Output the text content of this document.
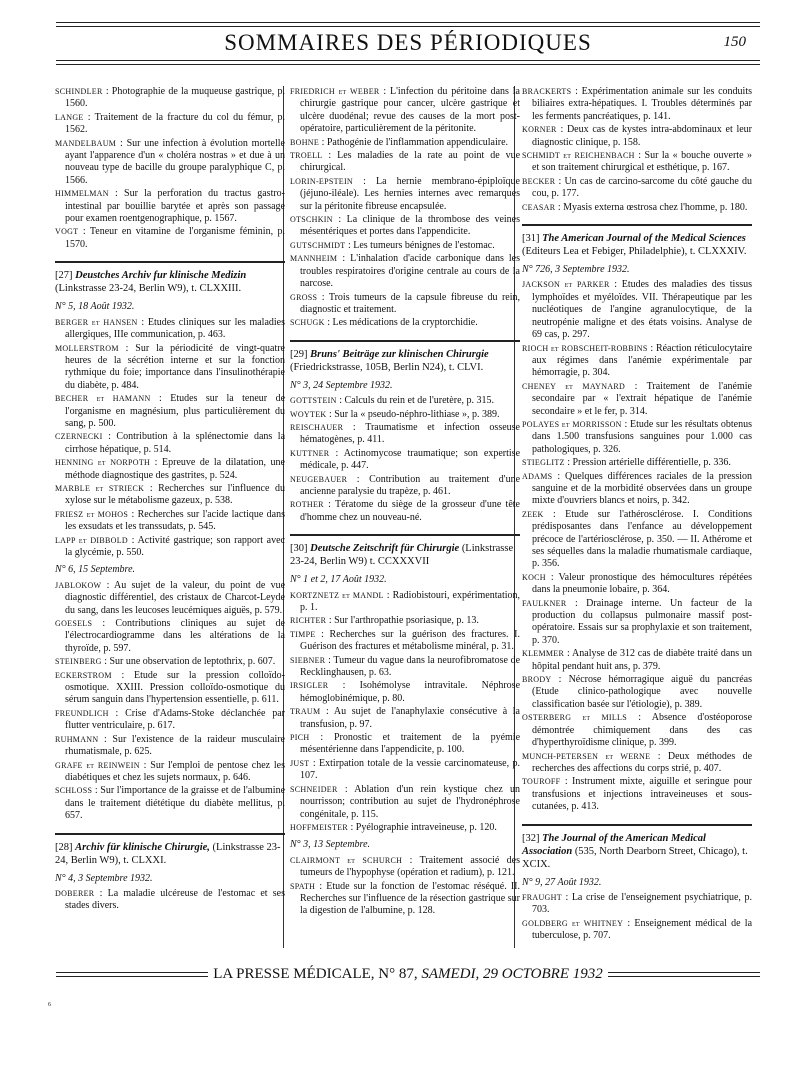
SOMMAIRES DES PÉRIODIQUES	150

SCHINDLER : Photographie de la muqueuse gastrique, p. 1560.

LANGE : Traitement de la fracture du col du fémur, p. 1562.

MANDELBAUM : Sur une infection à évolution mortelle ayant l'apparence d'un « choléra nostras » et due à un nouveau type de bacille du groupe paralyphique C, p. 1566.

HIMMELMAN : Sur la perforation du tractus gastro-intestinal par bouillie barytée et après son passage pour examen roentgenographique, p. 1567.

VOGT : Teneur en vitamine de l'organisme féminin, p. 1570.

[27] Deustches Archiv fur klinische Medizin (Linkstrasse 23-24, Berlin W9), t. CLXXIII.
N° 5, 18 Août 1932.

BERGER et HANSEN : Etudes cliniques sur les maladies allergiques, IIIe communication, p. 463.

MOLLERSTROM : Sur la périodicité de vingt-quatre heures de la sécrétion interne et sur la fonction rythmique du foie; importance dans l'insulinothérapie du diabète, p. 484.

BECHER et HAMANN : Etudes sur la teneur de l'organisme en magnésium, plus particulièrement du sang, p. 500.

CZERNECKI : Contribution à la splénectomie dans la cirrhose hépatique, p. 514.

HENNING et NORPOTH : Epreuve de la dilatation, une méthode diagnostique des gastrites, p. 524.

MARBLE et STRIECK : Recherches sur l'influence du xylose sur le métabolisme gazeux, p. 538.

FRIESZ et MOHOS : Recherches sur l'acide lactique dans les exsudats et les transsudats, p. 545.

LAPP et DIBBOLD : Activité gastrique; son rapport avec la glycémie, p. 550.

N° 6, 15 Septembre.

JABLOKOW : Au sujet de la valeur, du point de vue diagnostic différentiel, des cristaux de Charcot-Leyde du sang, dans les leucoses leucémiques aiguës, p. 579.

GOESELS : Contributions cliniques au sujet de l'électrocardiogramme dans les altérations de la thyroïde, p. 597.

STEINBERG : Sur une observation de leptothrix, p. 607.

ECKERSTROM : Etude sur la pression colloïdo-osmotique. XXIII. Pression colloïdo-osmotique du sérum sanguin dans l'hypertension essentielle, p. 611.

FREUNDLICH : Crise d'Adams-Stoke déclanchée par flutter ventriculaire, p. 617.

RUHMANN : Sur l'existence de la raideur musculaire rhumatismale, p. 625.

GRAFE et REINWEIN : Sur l'emploi de pentose chez les diabétiques et chez les sujets normaux, p. 646.

SCHLOSS : Sur l'importance de la graisse et de l'albumine dans le traitement diététique du diabète mellitus, p. 657.

[28] Archiv für klinische Chirurgie, (Linkstrasse 23-24, Berlin W9), t. CLXXI.
N° 4, 3 Septembre 1932.

DOBERER : La maladie ulcéreuse de l'estomac et ses stades divers.

FRIEDRICH et WEBER : L'infection du péritoine dans la chirurgie gastrique pour cancer, ulcère gastrique et ulcère duodénal; revue des causes de la mort post-opératoire, particulièrement de la péritonite.

BOHNE : Pathogénie de l'inflammation appendiculaire.

TROELL : Les maladies de la rate au point de vue chirurgical.

LORIN-EPSTEIN : La hernie membrano-épiploïque (jéjuno-iléale). Les hernies internes avec remarques sur la péritonite fibreuse encapsulée.

OTSCHKIN : La clinique de la thrombose des veines mésentériques et portes dans l'appendicite.

GUTSCHMIDT : Les tumeurs bénignes de l'estomac.

MANNHEIM : L'inhalation d'acide carbonique dans les troubles respiratoires d'origine centrale au cours de la narcose.

GROSS : Trois tumeurs de la capsule fibreuse du rein, diagnostic et traitement.

SCHUGK : Les médications de la cryptorchidie.

[29] Bruns' Beiträge zur klinischen Chirurgie (Friedrickstrasse, 105B, Berlin N24), t. CLVI.
N° 3, 24 Septembre 1932.

GOTTSTEIN : Calculs du rein et de l'uretère, p. 315.

WOYTEK : Sur la « pseudo-néphro-lithiase », p. 389.

REISCHAUER : Traumatisme et infection osseuse hématogènes, p. 411.

KUTTNER : Actinomycose traumatique; son expertise médicale, p. 447.

NEUGEBAUER : Contribution au traitement d'une ancienne paralysie du trapèze, p. 461.

ROTHER : Tératome du siège de la grosseur d'une tête d'homme chez un nouveau-né.

[30] Deutsche Zeitschrift für Chirurgie (Linkstrasse 23-24, Berlin W9) t. CCXXXVII
N° 1 et 2, 17 Août 1932.

KORTZNETZ et MANDL : Radiobistouri, expérimentation, p. 1.

RICHTER : Sur l'arthropathie psoriasique, p. 13.

TIMPE : Recherches sur la guérison des fractures. I. Guérison des fractures et métabolisme minéral, p. 31.

SIEBNER : Tumeur du vague dans la neurofibromatose de Recklinghausen, p. 63.

IRSIGLER : Isohémolyse intravitale. Néphrose hémoglobinémique, p. 80.

TRAUM : Au sujet de l'anaphylaxie consécutive à la transfusion, p. 97.

PICH : Pronostic et traitement de la pyémie mésentérienne dans l'appendicite, p. 100.

JUST : Extirpation totale de la vessie carcinomateuse, p. 107.

SCHNEIDER : Ablation d'un rein kystique chez un nourrisson; contribution au sujet de l'hydronéphrose congénitale, p. 115.

HOFFMEISTER : Pyélographie intraveineuse, p. 120.

N° 3, 13 Septembre.

CLAIRMONT et SCHURCH : Traitement associé des tumeurs de l'hypophyse (opération et radium), p. 121.

SPATH : Etude sur la fonction de l'estomac réséqué. II. Recherches sur l'influence de la résection gastrique sur la digestion de l'albumine, p. 128.

BRACKERTS : Expérimentation animale sur les conduits biliaires extra-hépatiques. I. Troubles déterminés par les ferments pancréatiques, p. 141.

KORNER : Deux cas de kystes intra-abdominaux et leur diagnostic clinique, p. 158.

SCHMIDT et REICHENBACH : Sur la « bouche ouverte » et son traitement chirurgical et esthétique, p. 167.

BECKER : Un cas de carcino-sarcome du côté gauche du cou, p. 177.

CEASAR : Myasis externa œstrosa chez l'homme, p. 180.

[31] The American Journal of the Medical Sciences (Editeurs Lea et Febiger, Philadelphie), t. CLXXXIV.
N° 726, 3 Septembre 1932.

JACKSON et PARKER : Etudes des maladies des tissus lymphoïdes et myéloïdes. VII. Thérapeutique par les nucléotiques de l'angine agranulocytique, de la neutropénie maligne et des états voisins. Analyse de 69 cas, p. 297.

RIOCH et ROBSCHEIT-ROBBINS : Réaction réticulocytaire aux régimes dans l'anémie expérimentale par hémorragie, p. 304.

CHENEY et MAYNARD : Traitement de l'anémie secondaire par « l'extrait hépatique de l'anémie secondaire » et le fer, p. 314.

POLAYES et MORRISSON : Etude sur les résultats obtenus dans 1.500 transfusions sanguines pour 1.000 cas pathologiques, p. 326.

STIEGLITZ : Pression artérielle différentielle, p. 336.

ADAMS : Quelques différences raciales de la pression sanguine et de la morbidité observées dans un groupe mixte d'ouvriers blancs et noirs, p. 342.

ZEEK : Etude sur l'athérosclérose. I. Conditions prédisposantes dans l'enfance au développement précoce de l'artériosclérose, p. 350. — II. Athérome et ses séquelles dans la maladie rhumatismale cardiaque, p. 356.

KOCH : Valeur pronostique des hémocultures répétées dans la pneumonie lobaire, p. 364.

FAULKNER : Drainage interne. Un facteur de la production du collapsus pulmonaire massif post-opératoire. Essais sur sa prophylaxie et son traitement, p. 370.

KLEMMER : Analyse de 312 cas de diabète traité dans un hôpital pendant huit ans, p. 379.

BRODY : Nécrose hémorragique aiguë du pancréas (Etude clinico-pathologique avec nouvelle classification basée sur l'étiologie), p. 389.

OSTERBERG et MILLS : Absence d'ostéoporose démontrée chimiquement dans des cas d'hyperthyroïdisme clinique, p. 399.

MUNCH-PETERSEN et WERNE : Deux méthodes de recherches des affections du corps strié, p. 407.

TOUROFF : Instrument mixte, aiguille et seringue pour transfusions et injections intraveineuses et sous-cutanées, p. 413.

[32] The Journal of the American Medical Association (535, North Dearborn Street, Chicago), t. XCIX.
N° 9, 27 Août 1932.

FRAUGHT : La crise de l'enseignement psychiatrique, p. 703.

GOLDBERG et WHITNEY : Enseignement médical de la tuberculose, p. 707.

LA PRESSE MÉDICALE, N° 87, SAMEDI, 29 OCTOBRE 1932
6
